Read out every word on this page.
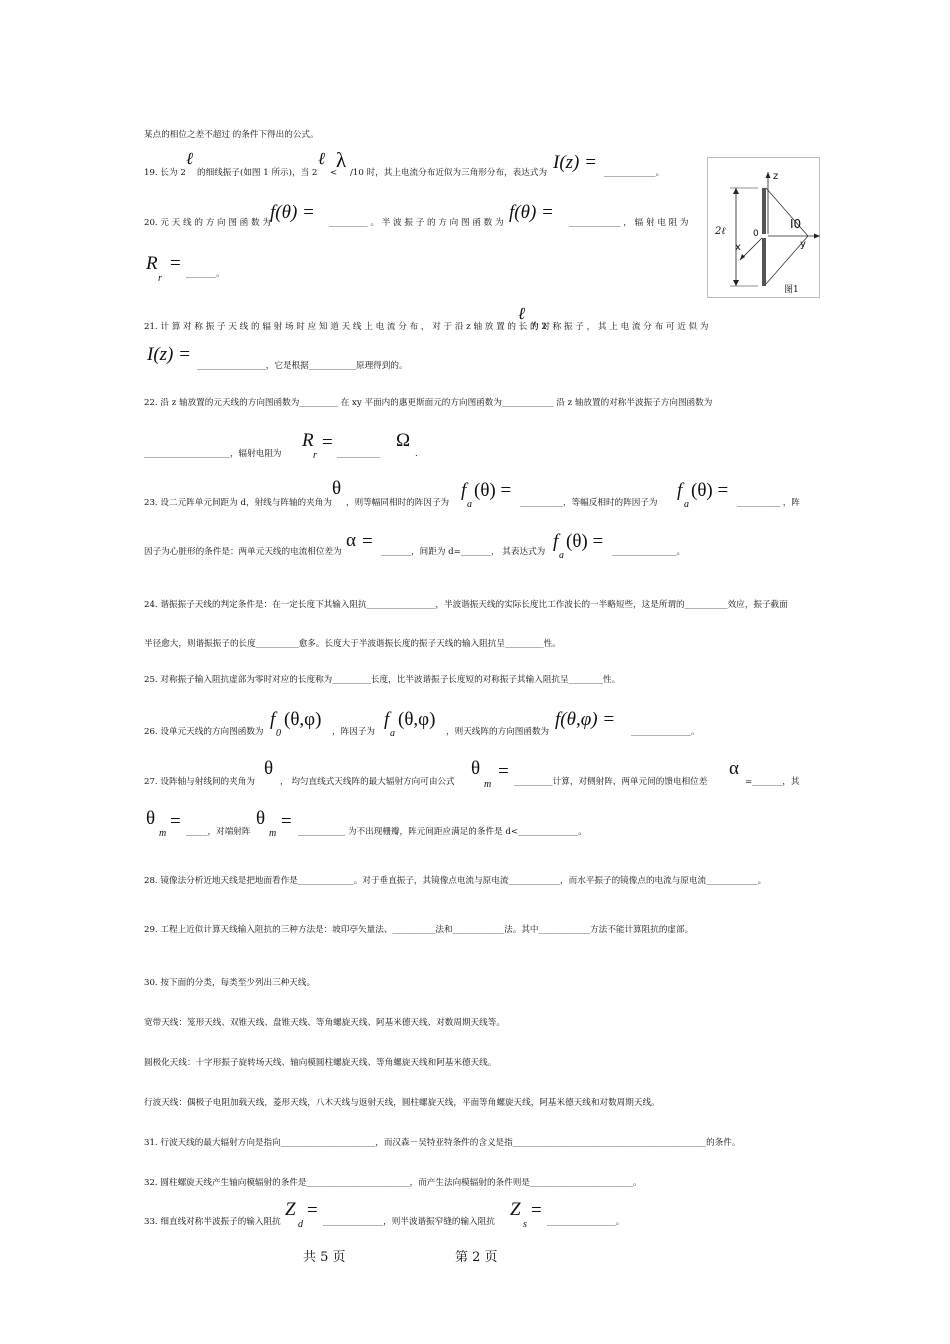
某点的相位之差不超过 的条件下得出的公式。
19. 长为 2
ℓ
的细线振子(如图 1 所示)，当 2
ℓ
<
λ
/10 时，其上电流分布近似为三角形分布，表达式为 I(z) = ____________。
20. 元 天 线 的 方 向 图 函 数 为 f(θ) = _________ 。 半 波 振 子 的 方 向 图 函 数 为 f(θ) = ____________ ， 辐 射 电 阻 为
R
r
= _______。
z
x	y
0
I0
2ℓ
图1
21. 计 算 对 称 振 子 天 线 的 辐 射 场 时 应 知 道 天 线 上 电 流 分 布 ， 对 于 沿 z 轴 放 置 的 长 为 2
ℓ
的 对 称 振 子 ， 其 上 电 流 分 布 可 近 似 为
I(z) =
________________，它是根据___________原理得到的。
22. 沿 z 轴放置的元天线的方向图函数为_________ 在 xy 平面内的惠更斯面元的方向图函数为____________ 沿 z 轴放置的对称半波振子方向图函数为
____________________，辐射电阻为
R
r
=
__________
Ω
.
23. 设二元阵单元间距为 d，射线与阵轴的夹角为
θ
，则等幅同相时的阵因子为
f
a
(θ) =
__________，等幅反相时的阵因子为
f
a
(θ) =
__________ ，阵
因子为心脏形的条件是：两单元天线的电流相位差为
α = _______，间距为 d=_______， 其表达式为 f
a
(θ) = _______________。
24. 谐振振子天线的判定条件是：在一定长度下其输入阻抗________________，半波谐振天线的实际长度比工作波长的一半略短些，这是所谓的__________效应，振子截面
半径愈大，则谐振振子的长度__________愈多。长度大于半波谐振长度的振子天线的输入阻抗呈_________性。
25. 对称振子输入阻抗虚部为零时对应的长度称为_________长度，比半波谐振子长度短的对称振子其输入阻抗呈________性。
26. 设单元天线的方向图函数为
f
0
(θ,φ)
，阵因子为
f
a
(θ,φ)
，则天线阵的方向图函数为
f(θ,φ) =
______________。
27. 设阵轴与射线间的夹角为
θ
， 均匀直线式天线阵的最大辐射方向可由公式
θ
m
= _________计算，对侧射阵，两单元间的馈电相位差
α
=_______，其
θ
m
= _____，对端射阵
θ
m
= ___________ 为不出现栅瓣，阵元间距应满足的条件是 d<______________。
28. 镜像法分析近地天线是把地面看作是_____________。对于垂直振子，其镜像点电流与原电流____________，而水平振子的镜像点的电流与原电流____________。
29. 工程上近似计算天线输入阻抗的三种方法是：坡印亭矢量法、__________法和____________法。其中____________方法不能计算阻抗的虚部。
30. 按下面的分类，每类至少列出三种天线。
宽带天线：笼形天线、双锥天线、盘锥天线、等角螺旋天线、阿基米德天线、对数周期天线等。
圆极化天线：十字形振子旋转场天线、轴向模圆柱螺旋天线、等角螺旋天线和阿基米德天线。
行波天线：偶极子电阻加载天线，菱形天线，八木天线与返射天线，圆柱螺旋天线，平面等角螺旋天线，阿基米德天线和对数周期天线。
31. 行波天线的最大辐射方向是指向______________________，而汉森－吴特亚特条件的含义是指_____________________________________________的条件。
32. 圆柱螺旋天线产生轴向模辐射的条件是________________________，而产生法向模辐射的条件则是________________________。
33. 细直线对称半波振子的输入阻抗
Z
d
=
______________，则半波谐振窄缝的输入阻抗
Z
s
=
________________。
共 5 页	第 2 页
